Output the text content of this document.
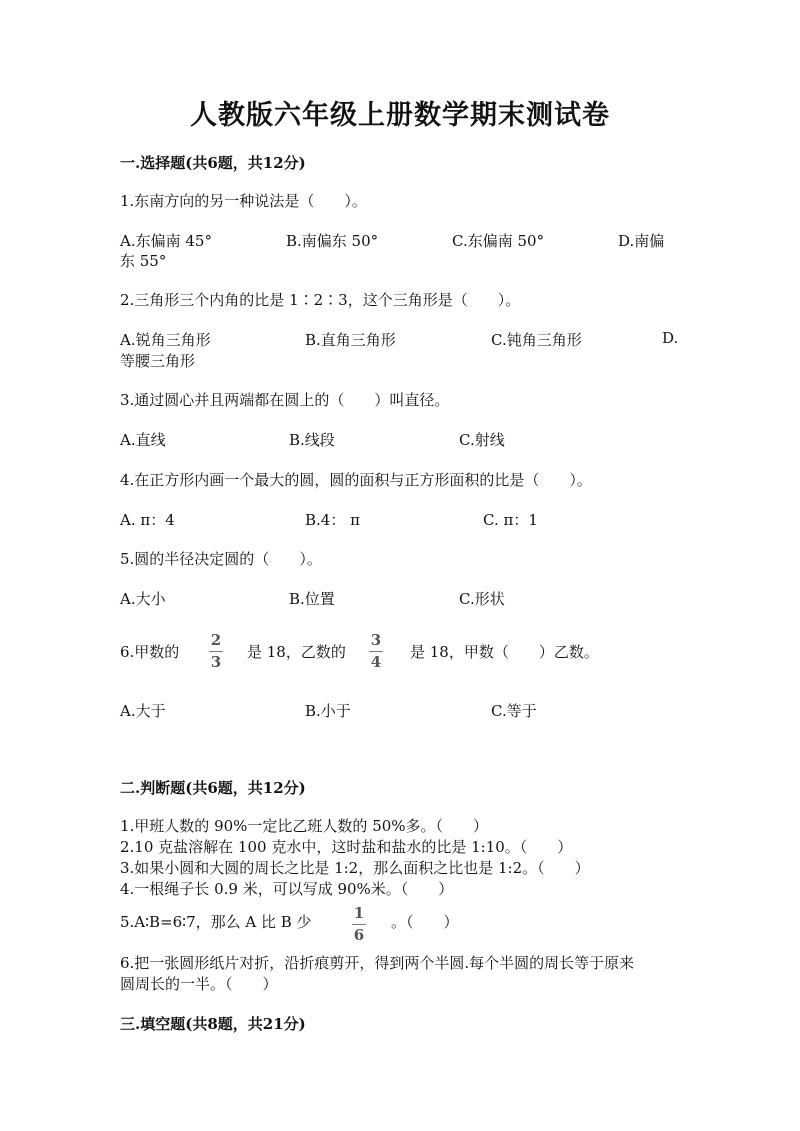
人教版六年级上册数学期末测试卷
一.选择题(共6题，共12分)
1.东南方向的另一种说法是（　　）。
A.东偏南 45°	B.南偏东 50°	C.东偏南 50°	D.南偏
东 55°
2.三角形三个内角的比是 1∶2∶3，这个三角形是（　　）。
A.锐角三角形	B.直角三角形	C.钝角三角形	D.
等腰三角形
3.通过圆心并且两端都在圆上的（　　）叫直径。
A.直线	B.线段	C.射线
4.在正方形内画一个最大的圆，圆的面积与正方形面积的比是（　　）。
A. π：4	B.4： π	C. π：1
5.圆的半径决定圆的（　　）。
A.大小	B.位置	C.形状
6.甲数的
2
3
是 18，乙数的
3
4
是 18，甲数（　　）乙数。
A.大于	B.小于	C.等于
二.判断题(共6题，共12分)
1.甲班人数的 90%一定比乙班人数的 50%多。（　　）
2.10 克盐溶解在 100 克水中，这时盐和盐水的比是 1:10。（　　）
3.如果小圆和大圆的周长之比是 1:2，那么面积之比也是 1:2。（　　）
4.一根绳子长 0.9 米，可以写成 90%米。（　　）
5.A∶B=6∶7，那么 A 比 B 少	1
6
。（　　）
6.把一张圆形纸片对折，沿折痕剪开，得到两个半圆.每个半圆的周长等于原来
圆周长的一半。（　　）
三.填空题(共8题，共21分)
